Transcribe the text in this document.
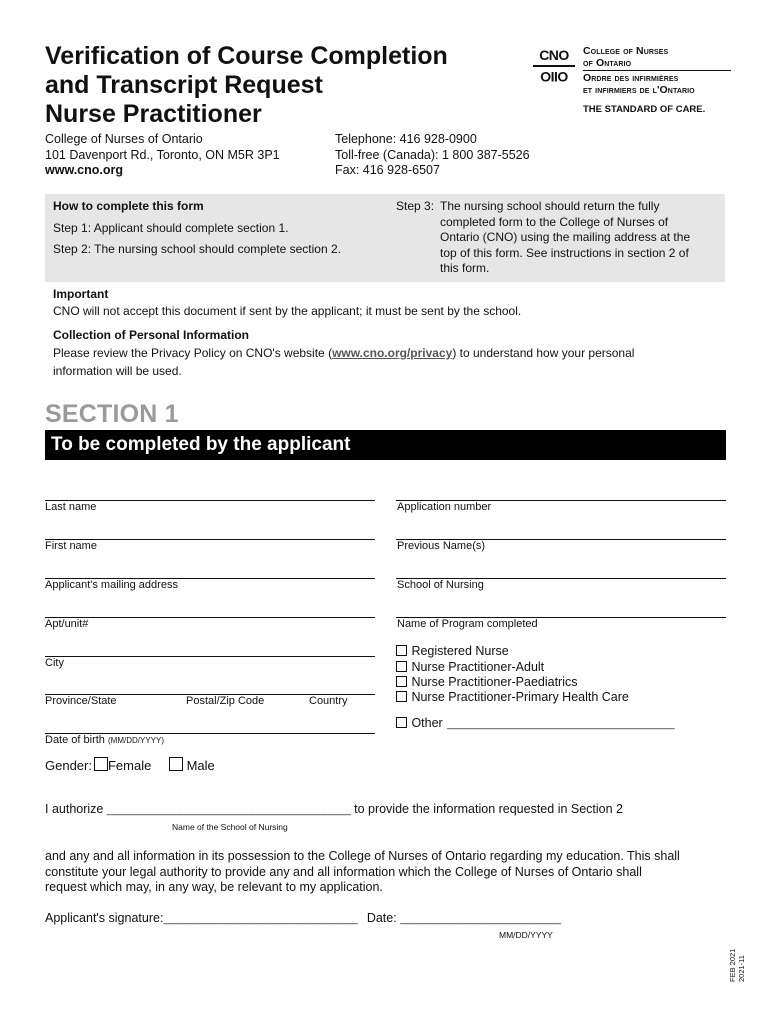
Verification of Course Completion
and Transcript Request
Nurse Practitioner
CNO
OIIO
College of Nurses
of Ontario
Ordre des infirmières
et infirmiers de l'Ontario
THE STANDARD OF CARE.
College of Nurses of Ontario
101 Davenport Rd., Toronto, ON M5R 3P1
www.cno.org
Telephone: 416 928-0900
Toll-free (Canada): 1 800 387-5526
Fax: 416 928-6507
How to complete this form
Step 1: Applicant should complete section 1.
Step 2: The nursing school should complete section 2.
Step 3: The nursing school should return the fully
completed form to the College of Nurses of
Ontario (CNO) using the mailing address at the
top of this form. See instructions in section 2 of
this form.
Important
CNO will not accept this document if sent by the applicant; it must be sent by the school.
Collection of Personal Information
Please review the Privacy Policy on CNO's website (www.cno.org/privacy) to understand how your personal
information will be used.
SECTION 1
To be completed by the applicant
Last name
First name
Applicant's mailing address
Apt/unit#
City
Province/State	Postal/Zip Code	Country
Date of birth (MM/DD/YYYY)
Application number
Previous Name(s)
School of Nursing
Name of Program completed
Registered Nurse
Nurse Practitioner-Adult
Nurse Practitioner-Paediatrics
Nurse Practitioner-Primary Health Care
Other _________________________________________
Gender: Female	Male
I authorize ____________________________________________ to provide the information requested in Section 2
Name of the School of Nursing
and any and all information in its possession to the College of Nurses of Ontario regarding my education. This shall
constitute your legal authority to provide any and all information which the College of Nurses of Ontario shall
request which may, in any way, be relevant to my application.
Applicant's signature:___________________________________ Date: _____________________________
MM/DD/YYYY
FEB 2021 2021-11
